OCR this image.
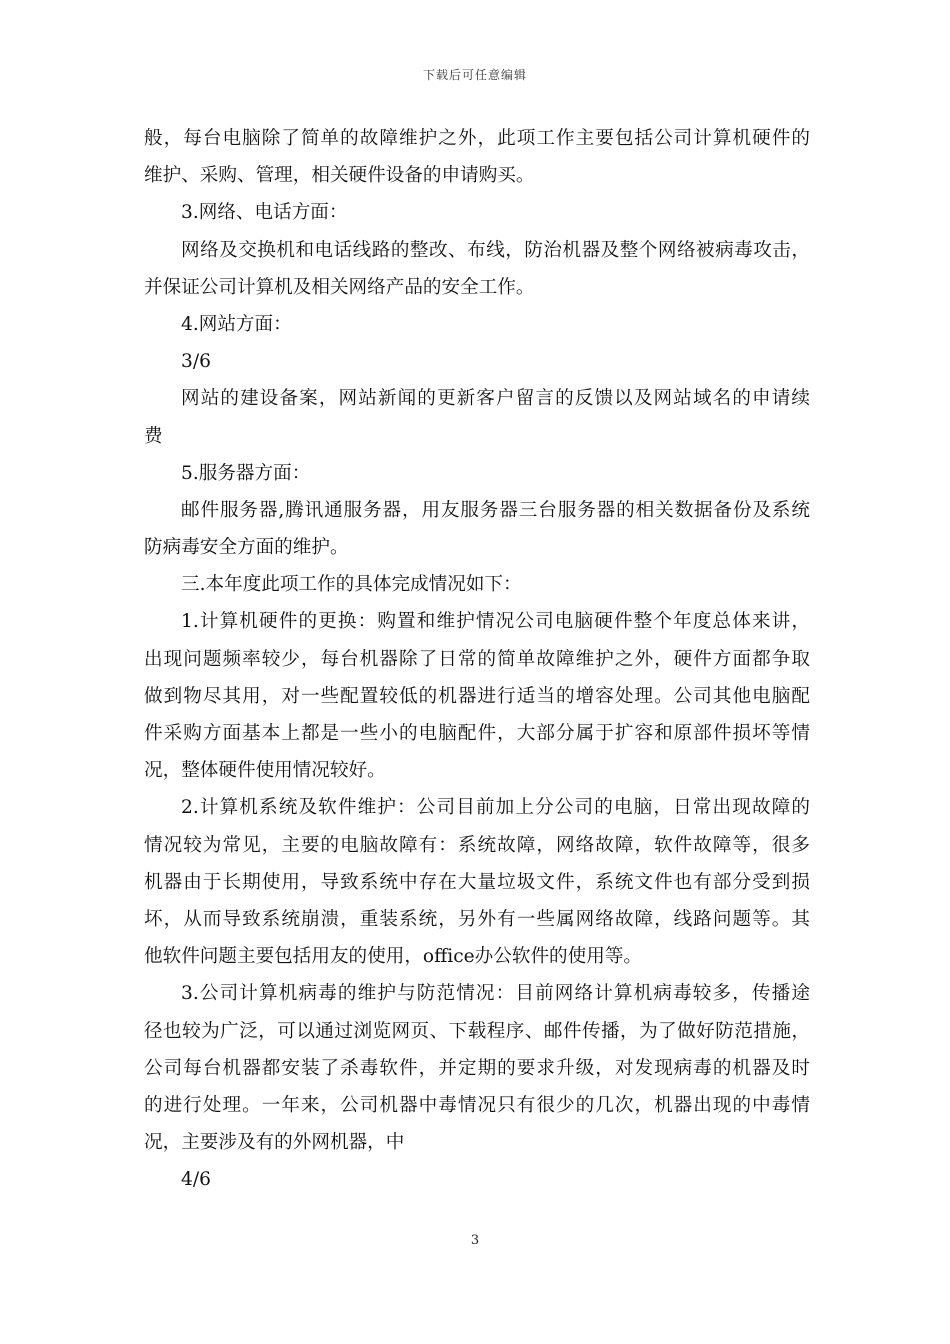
下载后可任意编辑
般，每台电脑除了简单的故障维护之外，此项工作主要包括公司计算机硬件的
维护、采购、管理，相关硬件设备的申请购买。
3.网络、电话方面：
网络及交换机和电话线路的整改、布线，防治机器及整个网络被病毒攻击，
并保证公司计算机及相关网络产品的安全工作。
4.网站方面：
3/6
网站的建设备案，网站新闻的更新客户留言的反馈以及网站域名的申请续
费
5.服务器方面：
邮件服务器,腾讯通服务器，用友服务器三台服务器的相关数据备份及系统
防病毒安全方面的维护。
三.本年度此项工作的具体完成情况如下：
1.计算机硬件的更换：购置和维护情况公司电脑硬件整个年度总体来讲，
出现问题频率较少，每台机器除了日常的简单故障维护之外，硬件方面都争取
做到物尽其用，对一些配置较低的机器进行适当的增容处理。公司其他电脑配
件采购方面基本上都是一些小的电脑配件，大部分属于扩容和原部件损坏等情
况，整体硬件使用情况较好。
2.计算机系统及软件维护：公司目前加上分公司的电脑，日常出现故障的
情况较为常见，主要的电脑故障有：系统故障，网络故障，软件故障等，很多
机器由于长期使用，导致系统中存在大量垃圾文件，系统文件也有部分受到损
坏，从而导致系统崩溃，重装系统，另外有一些属网络故障，线路问题等。其
他软件问题主要包括用友的使用，office办公软件的使用等。
3.公司计算机病毒的维护与防范情况：目前网络计算机病毒较多，传播途
径也较为广泛，可以通过浏览网页、下载程序、邮件传播，为了做好防范措施，
公司每台机器都安装了杀毒软件，并定期的要求升级，对发现病毒的机器及时
的进行处理。一年来，公司机器中毒情况只有很少的几次，机器出现的中毒情
况，主要涉及有的外网机器，中
4/6
3
